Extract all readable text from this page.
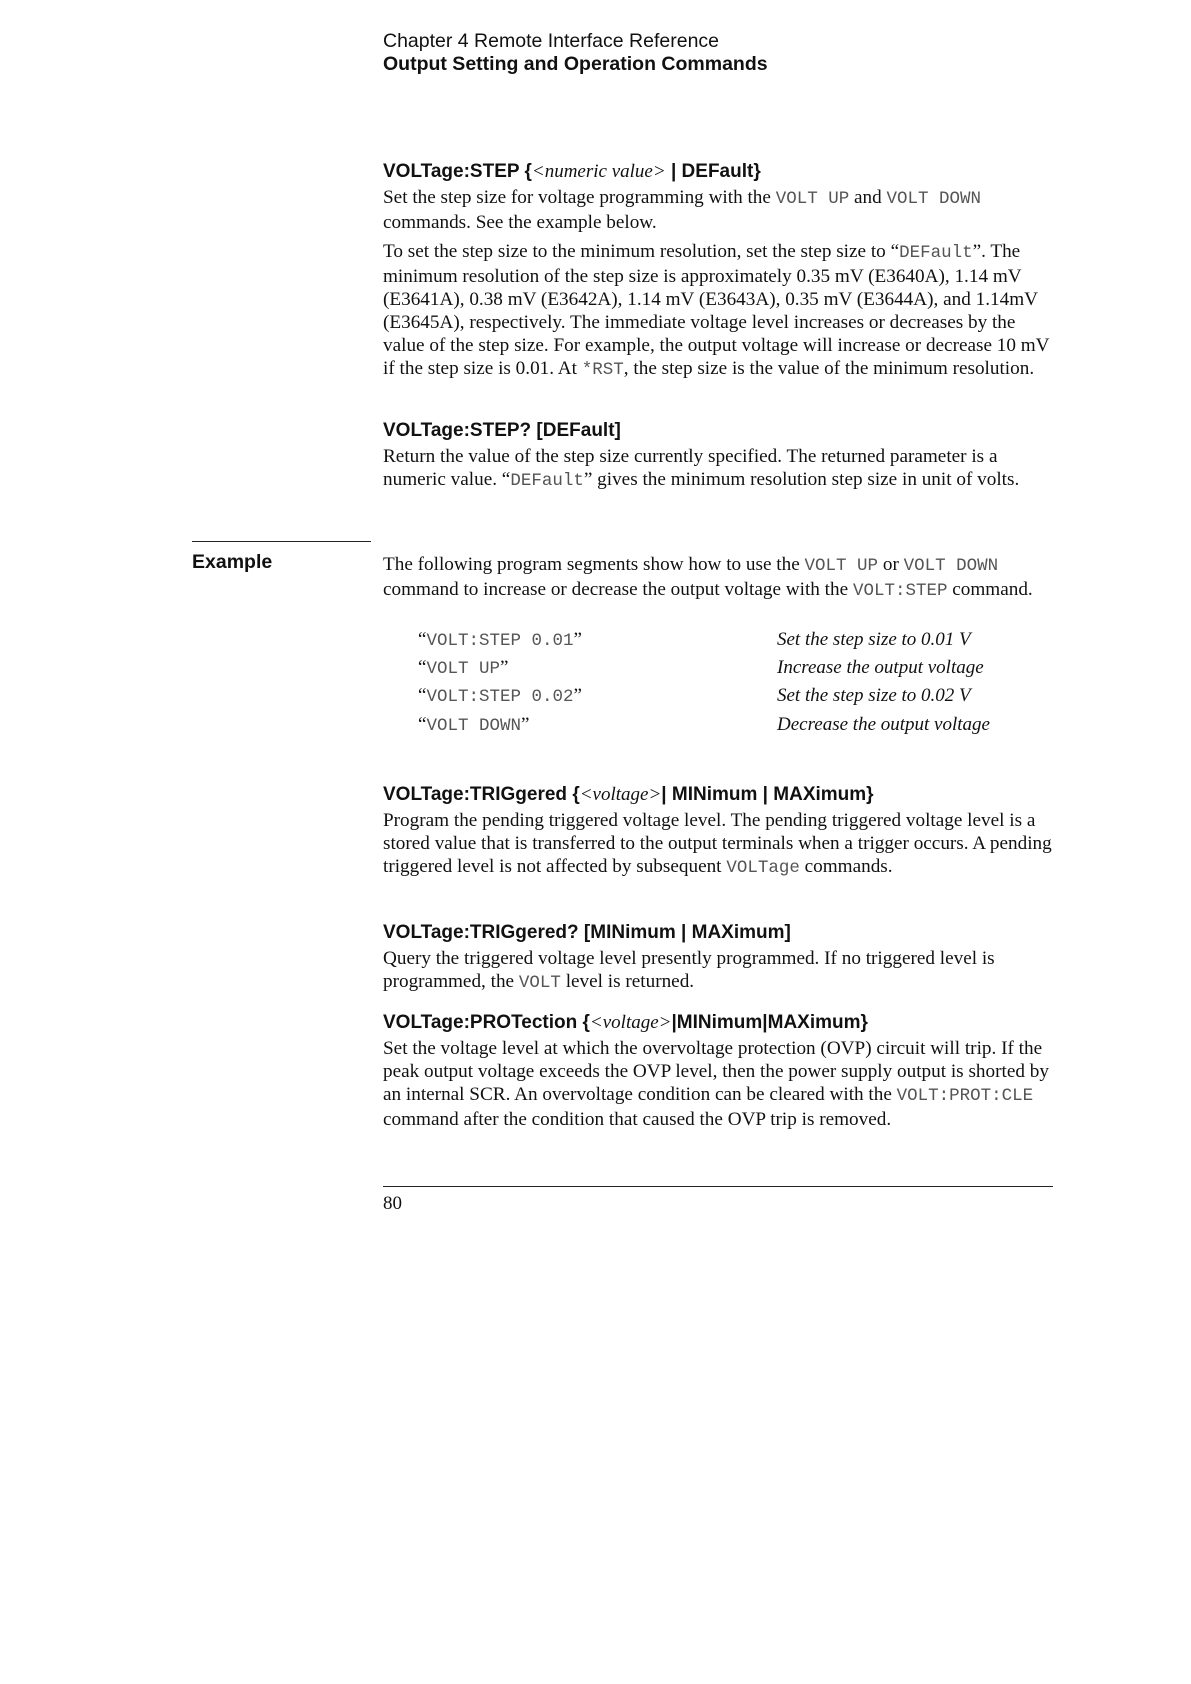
Chapter 4 Remote Interface Reference
Output Setting and Operation Commands
VOLTage:STEP {<numeric value> | DEFault}

Set the step size for voltage programming with the VOLT UP and VOLT DOWN commands. See the example below.

To set the step size to the minimum resolution, set the step size to “DEFault”. The minimum resolution of the step size is approximately 0.35 mV (E3640A), 1.14 mV (E3641A), 0.38 mV (E3642A), 1.14 mV (E3643A), 0.35 mV (E3644A), and 1.14mV (E3645A), respectively. The immediate voltage level increases or decreases by the value of the step size. For example, the output voltage will increase or decrease 10 mV if the step size is 0.01. At *RST, the step size is the value of the minimum resolution.

VOLTage:STEP? [DEFault]

Return the value of the step size currently specified. The returned parameter is a numeric value. “DEFault” gives the minimum resolution step size in unit of volts.

Example	The following program segments show how to use the VOLT UP or VOLT DOWN command to increase or decrease the output voltage with the VOLT:STEP command.

“VOLT:STEP 0.01”	Set the step size to 0.01 V
“VOLT UP”	Increase the output voltage
“VOLT:STEP 0.02”	Set the step size to 0.02 V
“VOLT DOWN”	Decrease the output voltage
VOLTage:TRIGgered {<voltage>| MINimum | MAXimum}

Program the pending triggered voltage level. The pending triggered voltage level is a stored value that is transferred to the output terminals when a trigger occurs. A pending triggered level is not affected by subsequent VOLTage commands.

VOLTage:TRIGgered? [MINimum | MAXimum]

Query the triggered voltage level presently programmed. If no triggered level is programmed, the VOLT level is returned.

VOLTage:PROTection {<voltage>|MINimum|MAXimum}

Set the voltage level at which the overvoltage protection (OVP) circuit will trip. If the peak output voltage exceeds the OVP level, then the power supply output is shorted by an internal SCR. An overvoltage condition can be cleared with the VOLT:PROT:CLE command after the condition that caused the OVP trip is removed.

80
